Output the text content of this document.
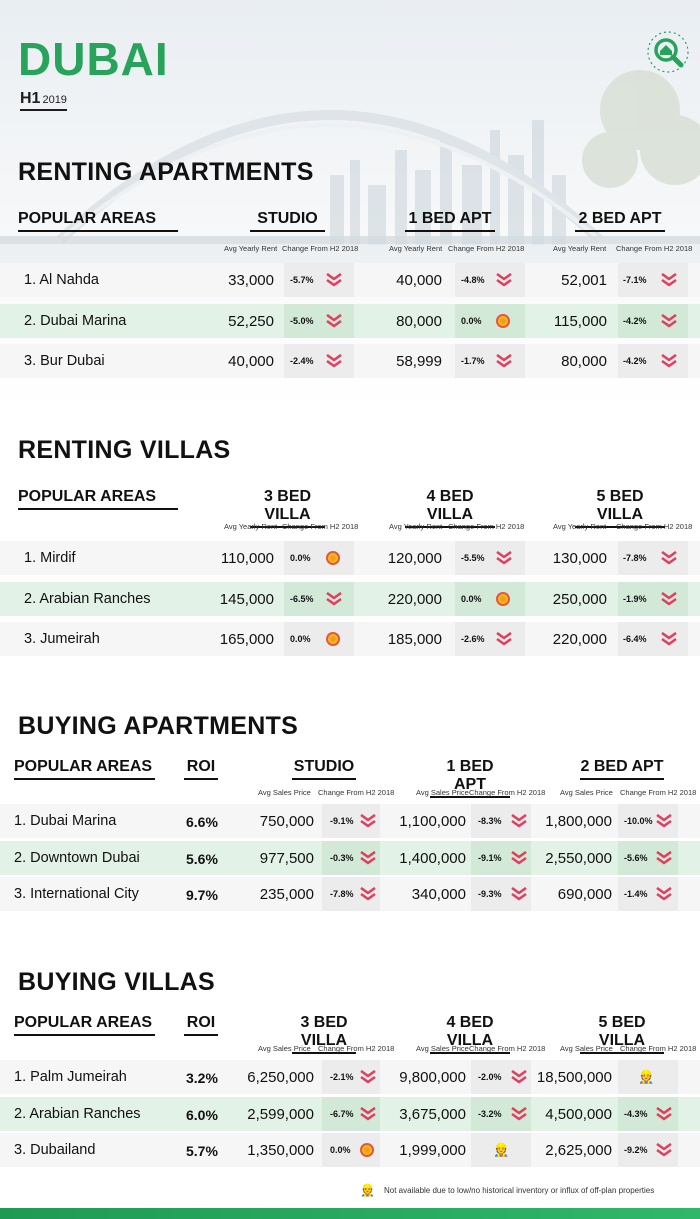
DUBAI
H1 2019
RENTING APARTMENTS
POPULAR AREAS	STUDIO
Avg Yearly Rent Change From H2 2018
1 BED APT
Avg Yearly Rent Change From H2 2018
2 BED APT
Avg Yearly Rent Change From H2 2018
1. Al Nahda	33,000 -5.7%	40,000 -4.8%	52,001 -7.1%
2. Dubai Marina	52,250 -5.0%	80,000 0.0%	115,000 -4.2%
3. Bur Dubai	40,000 -2.4%	58,999 -1.7%	80,000 -4.2%
RENTING VILLAS
POPULAR AREAS	3 BED VILLA
Avg Yearly Rent Change From H2 2018
4 BED VILLA
Avg Yearly Rent Change From H2 2018
5 BED VILLA
Avg Yearly Rent Change From H2 2018
1. Mirdif	110,000 0.0%	120,000 -5.5%	130,000 -7.8%
2. Arabian Ranches	145,000 -6.5%	220,000 0.0%	250,000 -1.9%
3. Jumeirah	165,000 0.0%	185,000 -2.6%	220,000 -6.4%
BUYING APARTMENTS
POPULAR AREAS ROI	STUDIO
Avg Sales Price Change From H2 2018
1 BED APT
Avg Sales Price Change From H2 2018
2 BED APT
Avg Sales Price Change From H2 2018
1. Dubai Marina	6.6%	750,000 -9.1%	1,100,000 -8.3%	1,800,000 -10.0%
2. Downtown Dubai	5.6%	977,500 -0.3%	1,400,000 -9.1%	2,550,000 -5.6%
3. International City	9.7%	235,000 -7.8%	340,000 -9.3%	690,000 -1.4%
BUYING VILLAS
POPULAR AREAS ROI	3 BED VILLA
Avg Sales Price Change From H2 2018
4 BED VILLA
Avg Sales Price Change From H2 2018
5 BED VILLA
Avg Sales Price Change From H2 2018
1. Palm Jumeirah	3.2% 6,250,000 -2.1%	9,800,000 -2.0% 18,500,000 👷
2. Arabian Ranches	6.0% 2,599,000 -6.7%	3,675,000 -3.2%	4,500,000 -4.3%
3. Dubailand	5.7% 1,350,000 0.0%	1,999,000 👷 2,625,000 -9.2%
👷 Not available due to low/no historical inventory or influx of off-plan properties
